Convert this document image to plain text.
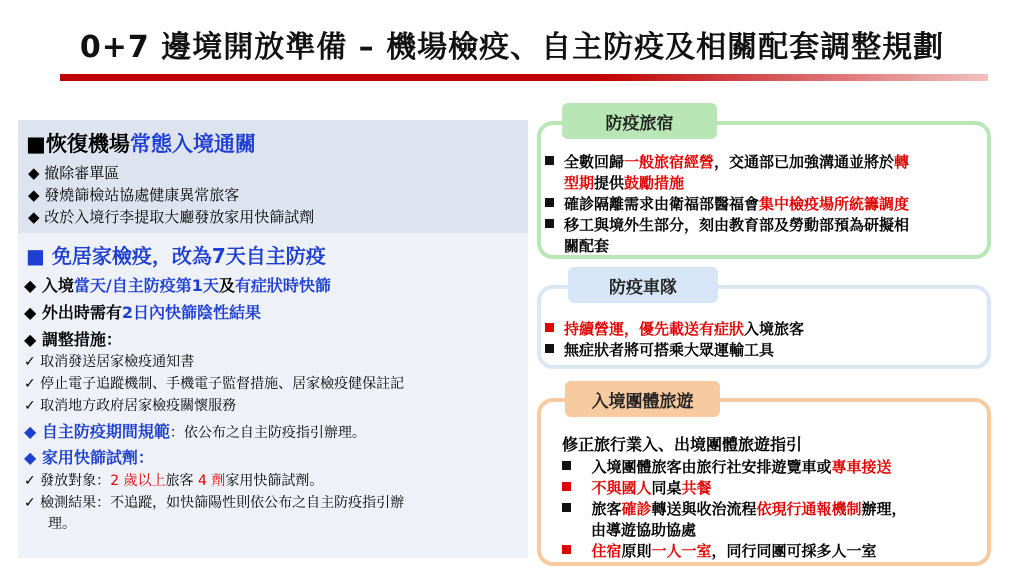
0+7 邊境開放準備 – 機場檢疫、自主防疫及相關配套調整規劃
■恢復機場常態入境通關
◆ 撤除審單區
◆ 發燒篩檢站協處健康異常旅客
◆ 改於入境行李提取大廳發放家用快篩試劑
■ 免居家檢疫，改為7天自主防疫
◆ 入境當天/自主防疫第1天及有症狀時快篩
◆ 外出時需有2日內快篩陰性結果
◆ 調整措施：
✓ 取消發送居家檢疫通知書
✓ 停止電子追蹤機制、手機電子監督措施、居家檢疫健保註記
✓ 取消地方政府居家檢疫關懷服務
◆ 自主防疫期間規範：依公布之自主防疫指引辦理。
◆ 家用快篩試劑：
✓ 發放對象：2 歲以上旅客 4 劑家用快篩試劑。
✓ 檢測結果：不追蹤，如快篩陽性則依公布之自主防疫指引辦
理。
防疫旅宿
全數回歸一般旅宿經營，交通部已加強溝通並將於轉
型期提供鼓勵措施
確診隔離需求由衛福部醫福會集中檢疫場所統籌調度
移工與境外生部分，刻由教育部及勞動部預為研擬相
關配套
防疫車隊
持續營運，優先載送有症狀入境旅客
無症狀者將可搭乘大眾運輸工具
入境團體旅遊
修正旅行業入、出境團體旅遊指引
入境團體旅客由旅行社安排遊覽車或專車接送
不與國人同桌共餐
旅客確診轉送與收治流程依現行通報機制辦理，
由導遊協助協處
住宿原則一人一室，同行同團可採多人一室
